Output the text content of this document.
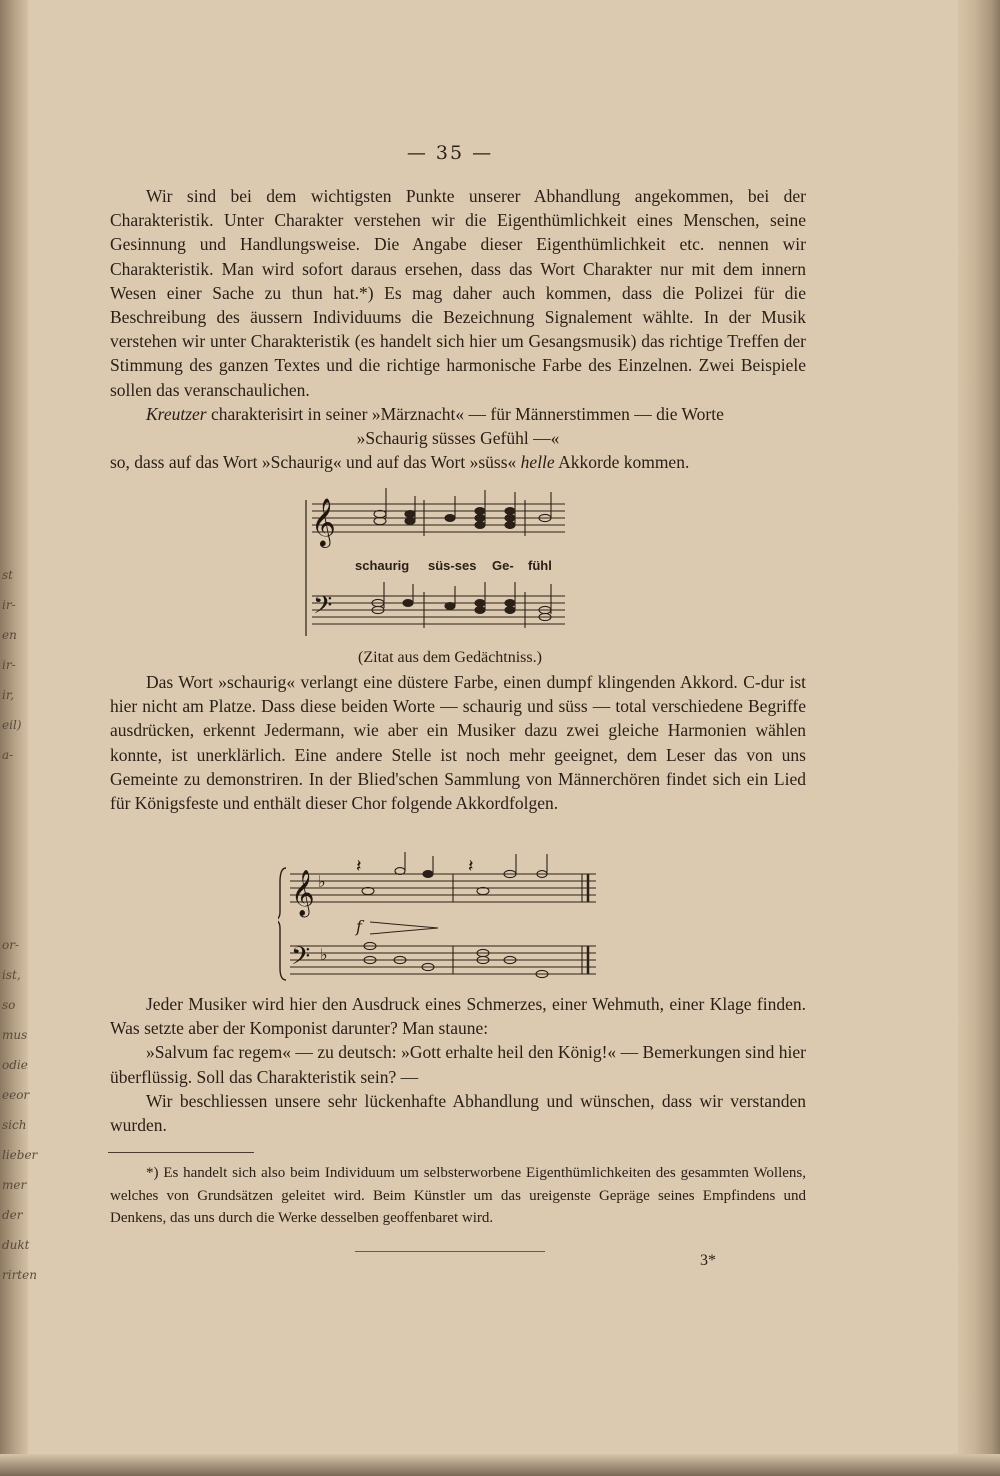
st
ir-
en
ir-
ir,
eil)
a-
or-
ist,
so
mus
odie
eeor
sich
lieber
mer
der
dukt
rirten
— 35 —

Wir sind bei dem wichtigsten Punkte unserer Abhandlung angekommen, bei der Charakteristik. Unter Charakter verstehen wir die Eigenthümlichkeit eines Menschen, seine Gesinnung und Handlungsweise. Die Angabe dieser Eigenthümlichkeit etc. nennen wir Charakteristik. Man wird sofort daraus ersehen, dass das Wort Charakter nur mit dem innern Wesen einer Sache zu thun hat.*) Es mag daher auch kommen, dass die Polizei für die Beschreibung des äussern Individuums die Bezeichnung Signalement wählte. In der Musik verstehen wir unter Charakteristik (es handelt sich hier um Gesangsmusik) das richtige Treffen der Stimmung des ganzen Textes und die richtige harmonische Farbe des Einzelnen. Zwei Beispiele sollen das veranschaulichen.

Kreutzer charakterisirt in seiner »Märznacht« — für Männerstimmen — die Worte

»Schaurig süsses Gefühl —«

so, dass auf das Wort »Schaurig« und auf das Wort »süss« helle Akkorde kommen.

𝄞
schaurig süs-ses Ge- fühl
𝄢
(Zitat aus dem Gedächtniss.)

Das Wort »schaurig« verlangt eine düstere Farbe, einen dumpf klingenden Akkord. C-dur ist hier nicht am Platze. Dass diese beiden Worte — schaurig und süss — total verschiedene Begriffe ausdrücken, erkennt Jedermann, wie aber ein Musiker dazu zwei gleiche Harmonien wählen konnte, ist unerklärlich. Eine andere Stelle ist noch mehr geeignet, dem Leser das von uns Gemeinte zu demonstriren. In der Blied'schen Sammlung von Männerchören findet sich ein Lied für Königsfeste und enthält dieser Chor folgende Akkordfolgen.

𝄞 ♭
𝄽	𝄽
f
𝄢 ♭

Jeder Musiker wird hier den Ausdruck eines Schmerzes, einer Wehmuth, einer Klage finden. Was setzte aber der Komponist darunter? Man staune:

»Salvum fac regem« — zu deutsch: »Gott erhalte heil den König!« — Bemerkungen sind hier überflüssig. Soll das Charakteristik sein? —

Wir beschliessen unsere sehr lückenhafte Abhandlung und wünschen, dass wir verstanden wurden.

*) Es handelt sich also beim Individuum um selbsterworbene Eigenthümlichkeiten des gesammten Wollens, welches von Grundsätzen geleitet wird. Beim Künstler um das ureigenste Gepräge seines Empfindens und Denkens, das uns durch die Werke desselben geoffenbaret wird.

3*
